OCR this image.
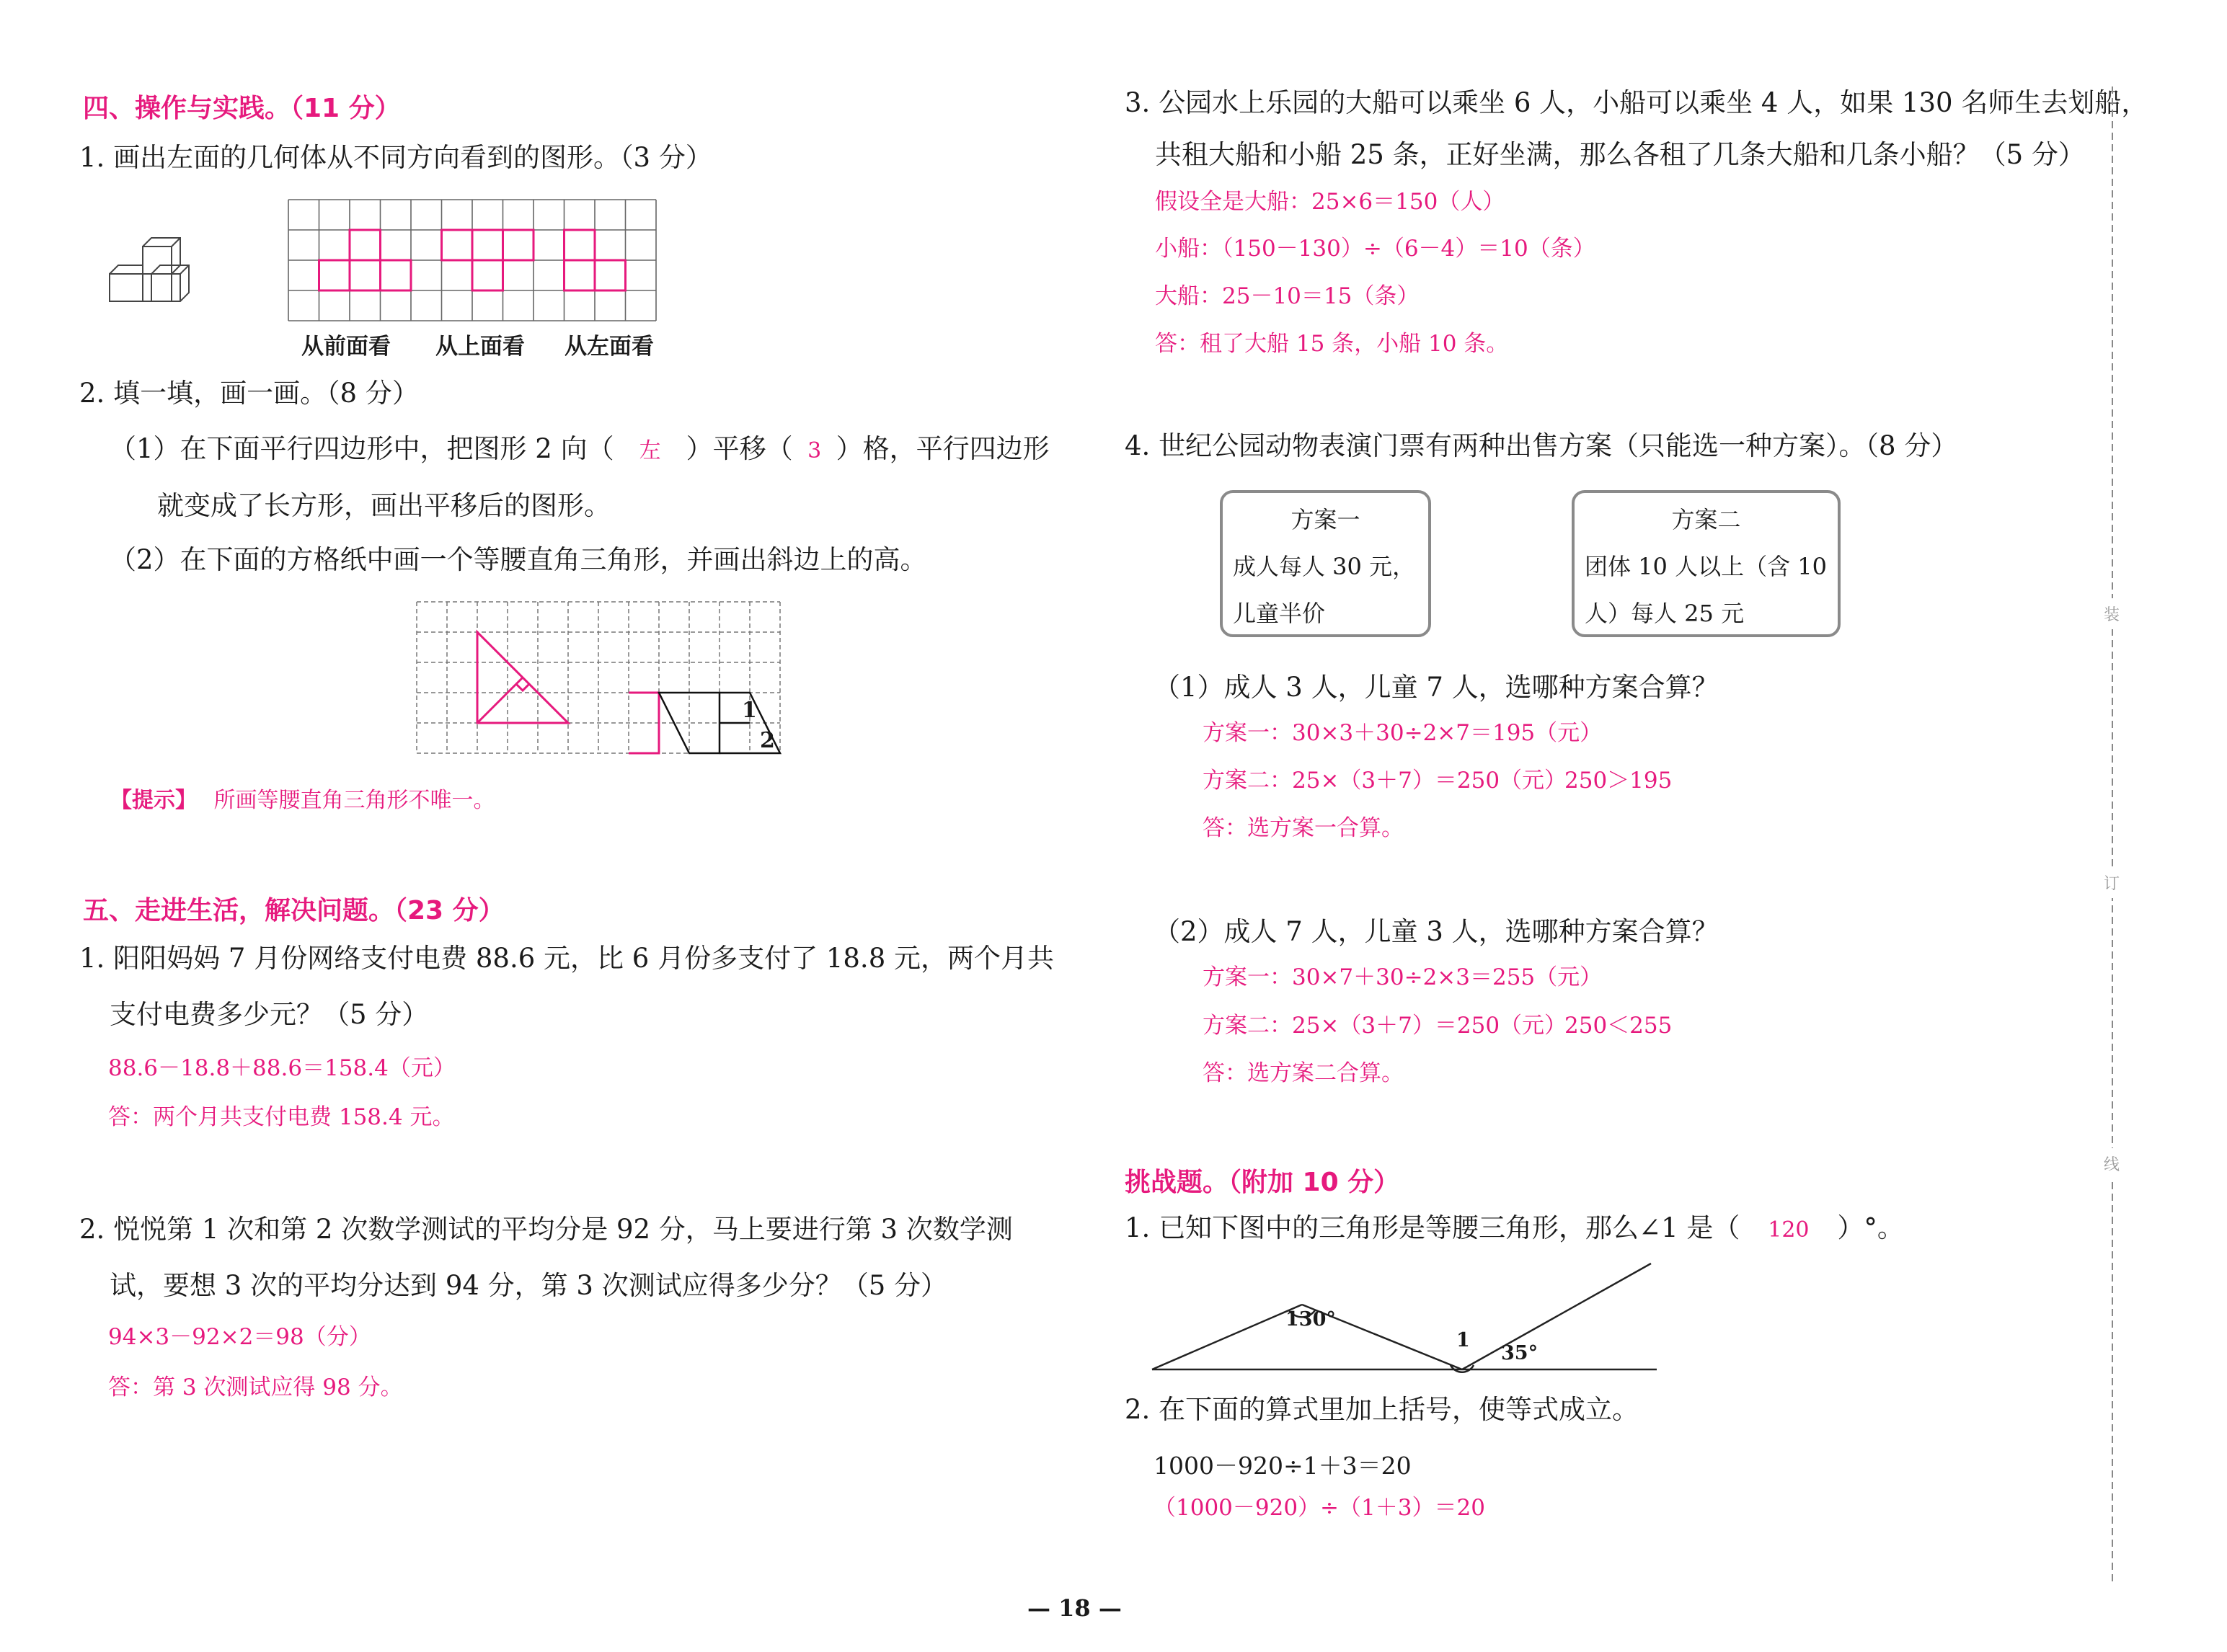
四、操作与实践。（11 分）
1. 画出左面的几何体从不同方向看到的图形。（3 分）
从前面看 从上面看 从左面看
2. 填一填，画一画。（8 分）
（1）在下面平行四边形中，把图形 2 向（ 左 ）平移（ 3 ）格，平行四边形
就变成了长方形，画出平移后的图形。
（2）在下面的方格纸中画一个等腰直角三角形，并画出斜边上的高。
1
2
【提示】 所画等腰直角三角形不唯一。
五、走进生活，解决问题。（23 分）
1. 阳阳妈妈 7 月份网络支付电费 88.6 元，比 6 月份多支付了 18.8 元，两个月共
支付电费多少元？（5 分）
88.6－18.8＋88.6＝158.4（元）
答：两个月共支付电费 158.4 元。
2. 悦悦第 1 次和第 2 次数学测试的平均分是 92 分，马上要进行第 3 次数学测
试，要想 3 次的平均分达到 94 分，第 3 次测试应得多少分？（5 分）
94×3－92×2＝98（分）
答：第 3 次测试应得 98 分。
3. 公园水上乐园的大船可以乘坐 6 人，小船可以乘坐 4 人，如果 130 名师生去划船，
共租大船和小船 25 条，正好坐满，那么各租了几条大船和几条小船？（5 分）
假设全是大船：25×6＝150（人）
小船：（150－130）÷（6－4）＝10（条）
大船：25－10＝15（条）
答：租了大船 15 条，小船 10 条。
4. 世纪公园动物表演门票有两种出售方案（只能选一种方案）。（8 分）
方案一
成人每人 30 元，
儿童半价
方案二
团体 10 人以上（含 10
人）每人 25 元
（1）成人 3 人，儿童 7 人，选哪种方案合算？
方案一：30×3＋30÷2×7＝195（元）
方案二：25×（3＋7）＝250（元）
250＞195
答：选方案一合算。
（2）成人 7 人，儿童 3 人，选哪种方案合算？
方案一：30×7＋30÷2×3＝255（元）
方案二：25×（3＋7）＝250（元）
250＜255
答：选方案二合算。
挑战题。（附加 10 分）
1. 已知下图中的三角形是等腰三角形，那么∠1 是（ 120 ）°。
130°
1
35°
2. 在下面的算式里加上括号，使等式成立。
1000－920÷1＋3＝20
（1000－920）÷（1＋3）＝20
装
订
线
— 18 —
